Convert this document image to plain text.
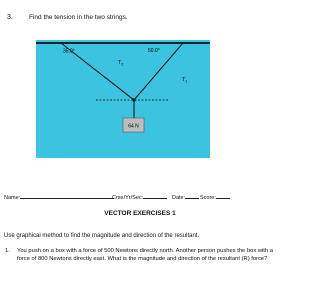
3. Find the tension in the two strings.
64 N
35.0°	50.0°
$T_2$
$T_1$
Name:	Crse/Yr/Sec:	Date:	Score:
VECTOR EXERCISES 1
Use graphical method to find the magnitude and direction of the resultant.
1. You push on a box with a force of 500 Newtons directly north. Another person pushes the box with a force of 800 Newtons directly east. What is the magnitude and direction of the resultant (R) force?
